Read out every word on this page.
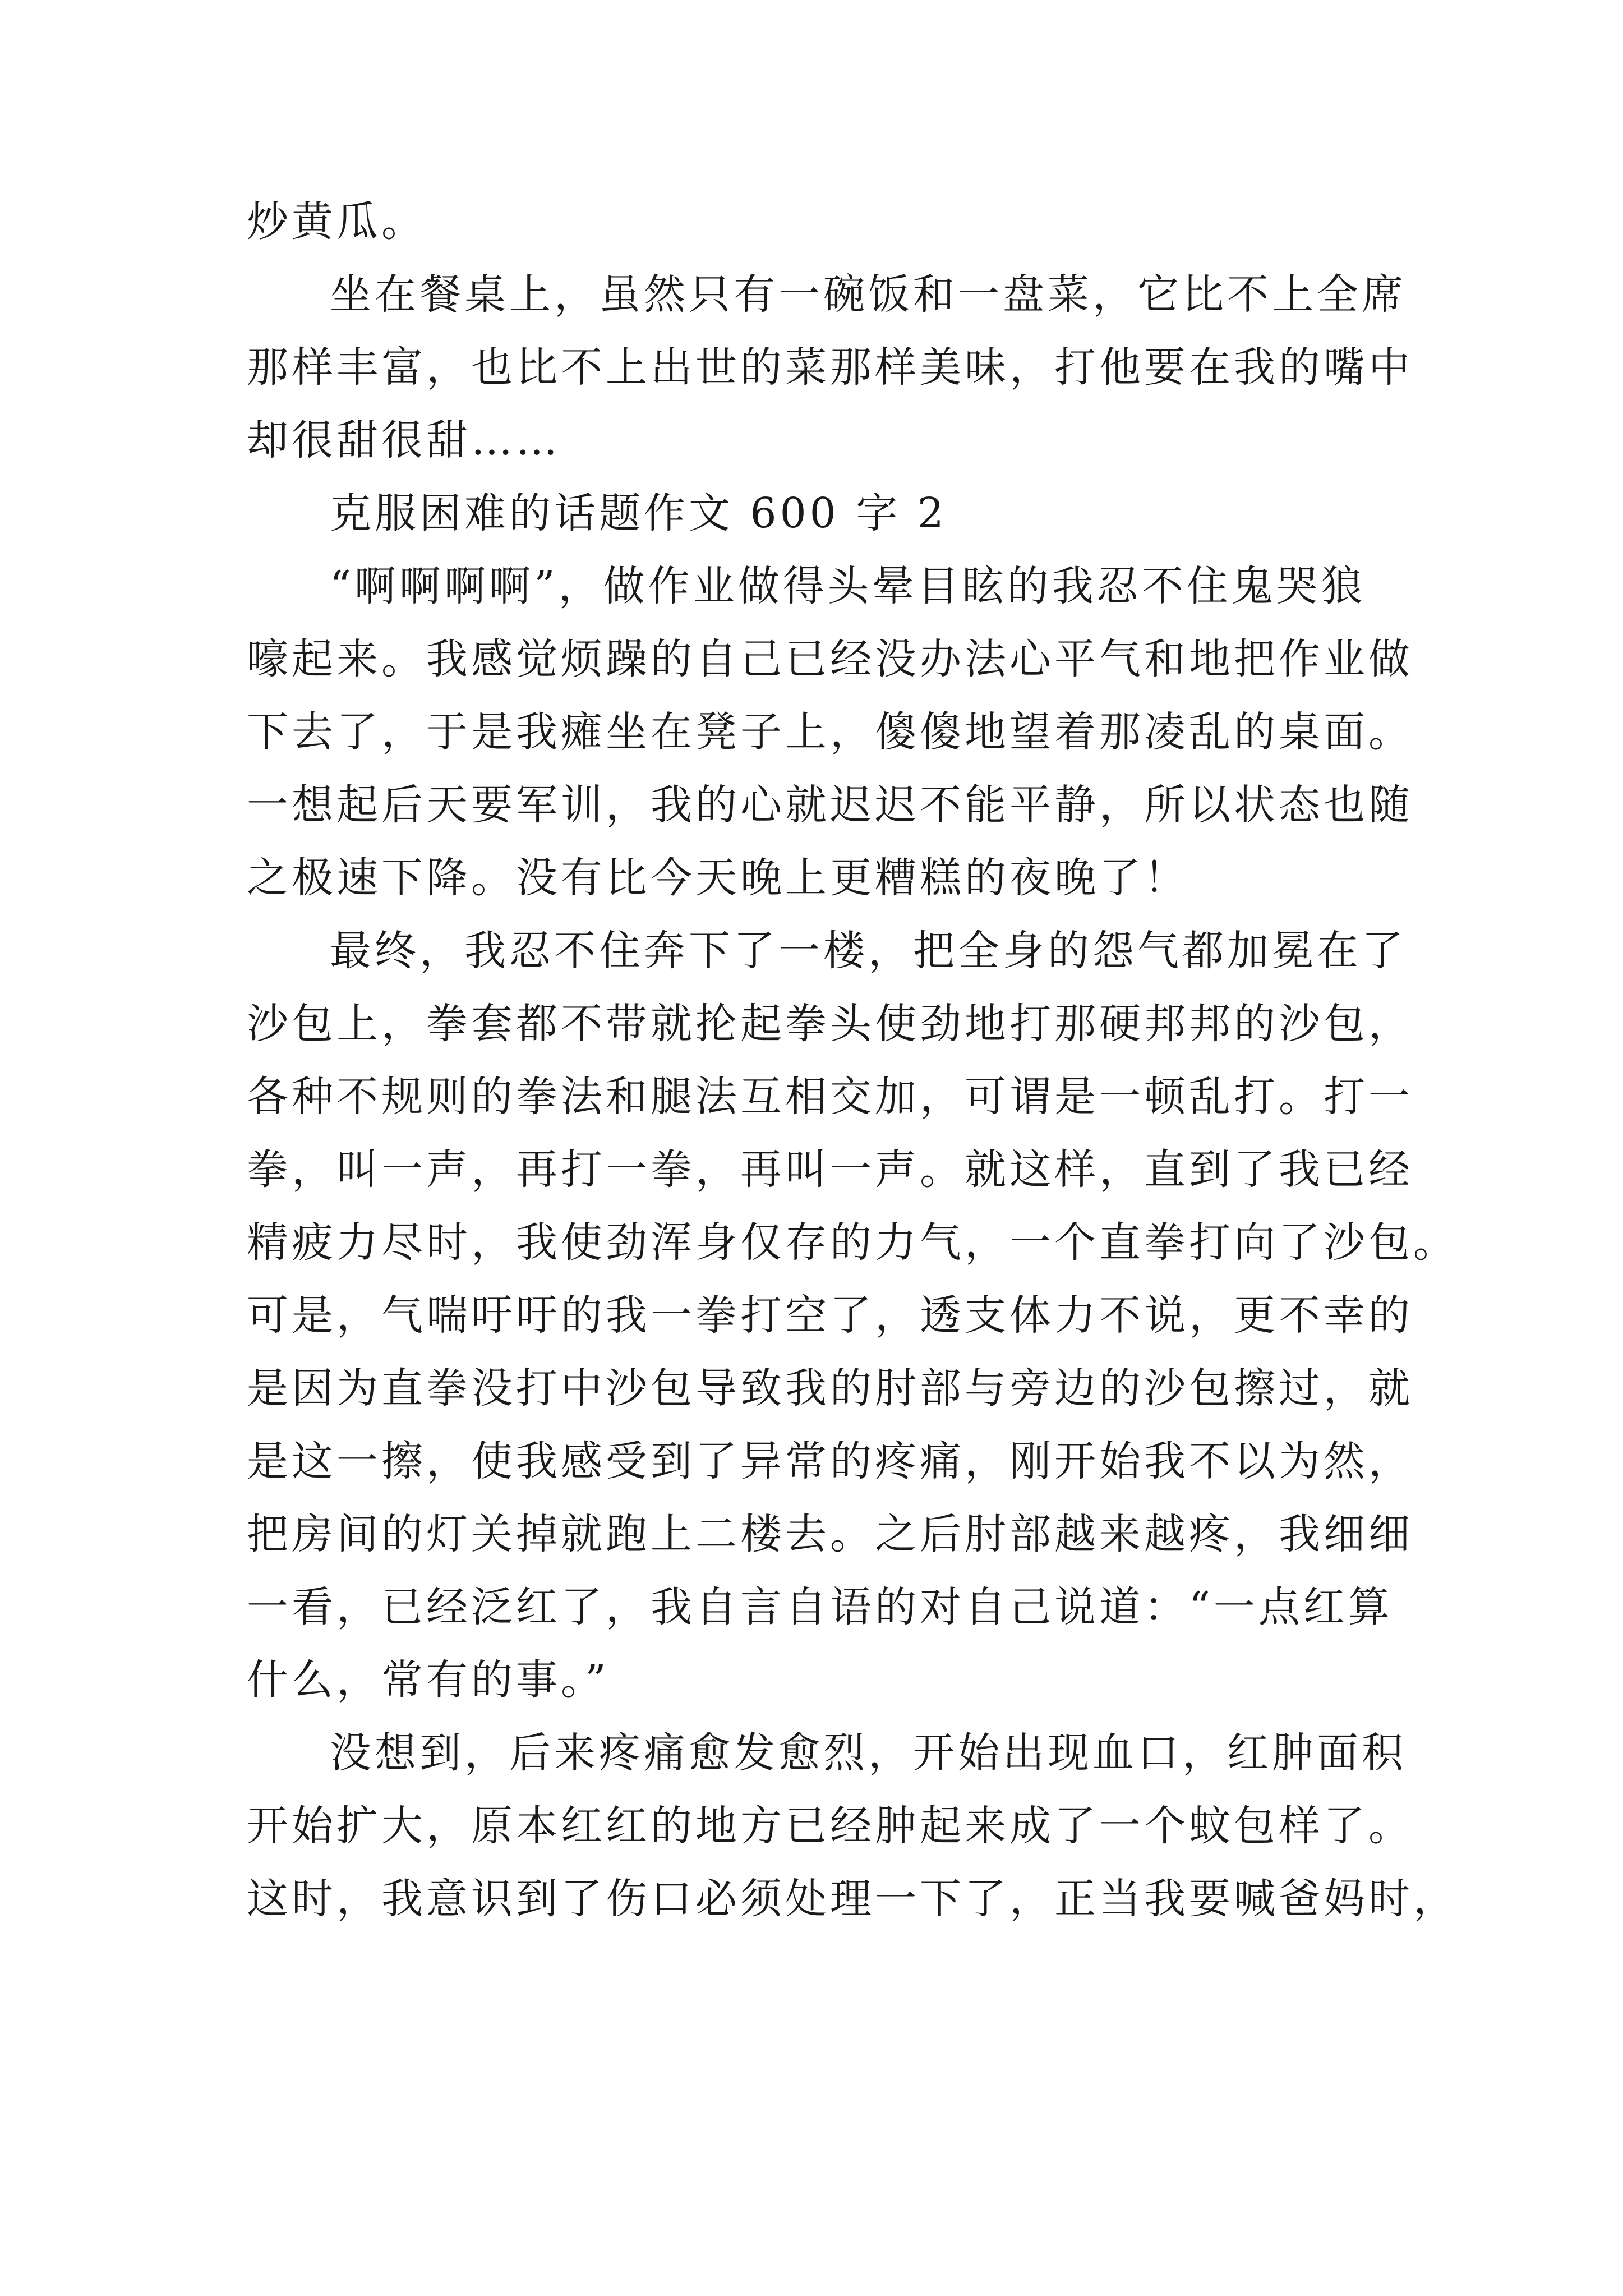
炒黄瓜。
坐在餐桌上，虽然只有一碗饭和一盘菜，它比不上全席
那样丰富，也比不上出世的菜那样美味，打他要在我的嘴中
却很甜很甜……
克服困难的话题作文 600 字 2
“啊啊啊啊”，做作业做得头晕目眩的我忍不住鬼哭狼
嚎起来。我感觉烦躁的自己已经没办法心平气和地把作业做
下去了，于是我瘫坐在凳子上，傻傻地望着那凌乱的桌面。
一想起后天要军训，我的心就迟迟不能平静，所以状态也随
之极速下降。没有比今天晚上更糟糕的夜晚了！
最终，我忍不住奔下了一楼，把全身的怨气都加冕在了
沙包上，拳套都不带就抡起拳头使劲地打那硬邦邦的沙包，
各种不规则的拳法和腿法互相交加，可谓是一顿乱打。打一
拳，叫一声，再打一拳，再叫一声。就这样，直到了我已经
精疲力尽时，我使劲浑身仅存的力气，一个直拳打向了沙包。
可是，气喘吁吁的我一拳打空了，透支体力不说，更不幸的
是因为直拳没打中沙包导致我的肘部与旁边的沙包擦过，就
是这一擦，使我感受到了异常的疼痛，刚开始我不以为然，
把房间的灯关掉就跑上二楼去。之后肘部越来越疼，我细细
一看，已经泛红了，我自言自语的对自己说道：“一点红算
什么，常有的事。”
没想到，后来疼痛愈发愈烈，开始出现血口，红肿面积
开始扩大，原本红红的地方已经肿起来成了一个蚊包样了。
这时，我意识到了伤口必须处理一下了，正当我要喊爸妈时，
